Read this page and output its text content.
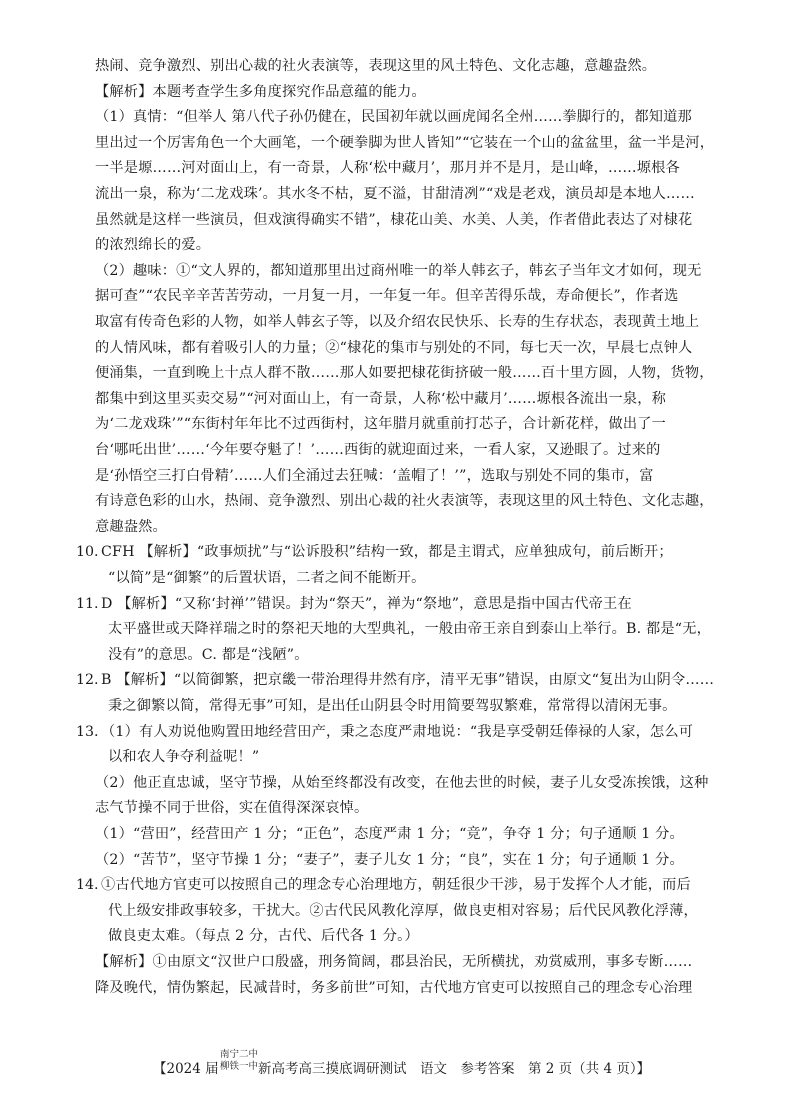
热闹、竞争激烈、别出心裁的社火表演等，表现这里的风土特色、文化志趣，意趣盎然。
【解析】本题考查学生多角度探究作品意蕴的能力。
（1）真情：“但举人 第八代子孙仍健在，民国初年就以画虎闻名全州……拳脚行的，都知道那
里出过一个厉害角色一个大画笔，一个硬拳脚为世人皆知”“它装在一个山的盆盆里，盆一半是河，
一半是塬……河对面山上，有一奇景，人称‘松中藏月’，那月并不是月，是山峰，……塬根各
流出一泉，称为‘二龙戏珠’。其水冬不枯，夏不溢，甘甜清冽”“戏是老戏，演员却是本地人……
虽然就是这样一些演员，但戏演得确实不错”，棣花山美、水美、人美，作者借此表达了对棣花
的浓烈绵长的爱。
（2）趣味：①“文人界的，都知道那里出过商州唯一的举人韩玄子，韩玄子当年文才如何，现无
据可查”“农民辛辛苦苦劳动，一月复一月，一年复一年。但辛苦得乐哉，寿命便长”，作者选
取富有传奇色彩的人物，如举人韩玄子等，以及介绍农民快乐、长寿的生存状态，表现黄土地上
的人情风味，都有着吸引人的力量；②“棣花的集市与别处的不同，每七天一次，早晨七点钟人
便涌集，一直到晚上十点人群不散……那人如要把棣花街挤破一般……百十里方圆，人物，货物，
都集中到这里买卖交易”“河对面山上，有一奇景，人称‘松中藏月’……塬根各流出一泉，称
为‘二龙戏珠’”“东街村年年比不过西街村，这年腊月就重前打芯子，合计新花样，做出了一
台‘哪吒出世’……‘今年要夺魁了！’……西街的就迎面过来，一看人家，又逊眼了。过来的
是‘孙悟空三打白骨精’……人们全涌过去狂喊：‘盖帽了！’”，选取与别处不同的集市，富
有诗意色彩的山水，热闹、竞争激烈、别出心裁的社火表演等，表现这里的风土特色、文化志趣，
意趣盎然。
10. CFH 【解析】“政事烦扰”与“讼诉股积”结构一致，都是主谓式，应单独成句，前后断开；
“以简”是“御繁”的后置状语，二者之间不能断开。
11. D 【解析】“又称‘封禅’”错误。封为“祭天”，禅为“祭地”，意思是指中国古代帝王在
太平盛世或天降祥瑞之时的祭祀天地的大型典礼，一般由帝王亲自到泰山上举行。B. 都是“无，
没有”的意思。C. 都是“浅陋”。
12. B 【解析】“以简御繁，把京畿一带治理得井然有序，清平无事”错误，由原文“复出为山阴令……
秉之御繁以简，常得无事”可知，是出任山阴县令时用简要驾驭繁难，常常得以清闲无事。
13. （1）有人劝说他购置田地经营田产，秉之态度严肃地说：“我是享受朝廷俸禄的人家，怎么可
以和农人争夺利益呢！”
（2）他正直忠诚，坚守节操，从始至终都没有改变，在他去世的时候，妻子儿女受冻挨饿，这种
志气节操不同于世俗，实在值得深深哀悼。
（1）“营田”，经营田产 1 分；“正色”，态度严肃 1 分；“竞”，争夺 1 分；句子通顺 1 分。
（2）“苦节”，坚守节操 1 分；“妻子”，妻子儿女 1 分；“良”，实在 1 分；句子通顺 1 分。
14. ①古代地方官吏可以按照自己的理念专心治理地方，朝廷很少干涉，易于发挥个人才能，而后
代上级安排政事较多，干扰大。②古代民风教化淳厚，做良吏相对容易；后代民风教化浮薄，
做良吏太难。（每点 2 分，古代、后代各 1 分。）
【解析】①由原文“汉世户口殷盛，刑务简阔，郡县治民，无所横扰，劝赏威刑，事多专断……
降及晚代，情伪繁起，民减昔时，务多前世”可知，古代地方官吏可以按照自己的理念专心治理
【2024 届
南宁二中
柳铁一中 新高考高三摸底调研测试　语文　参考答案　第 2 页（共 4 页）】
